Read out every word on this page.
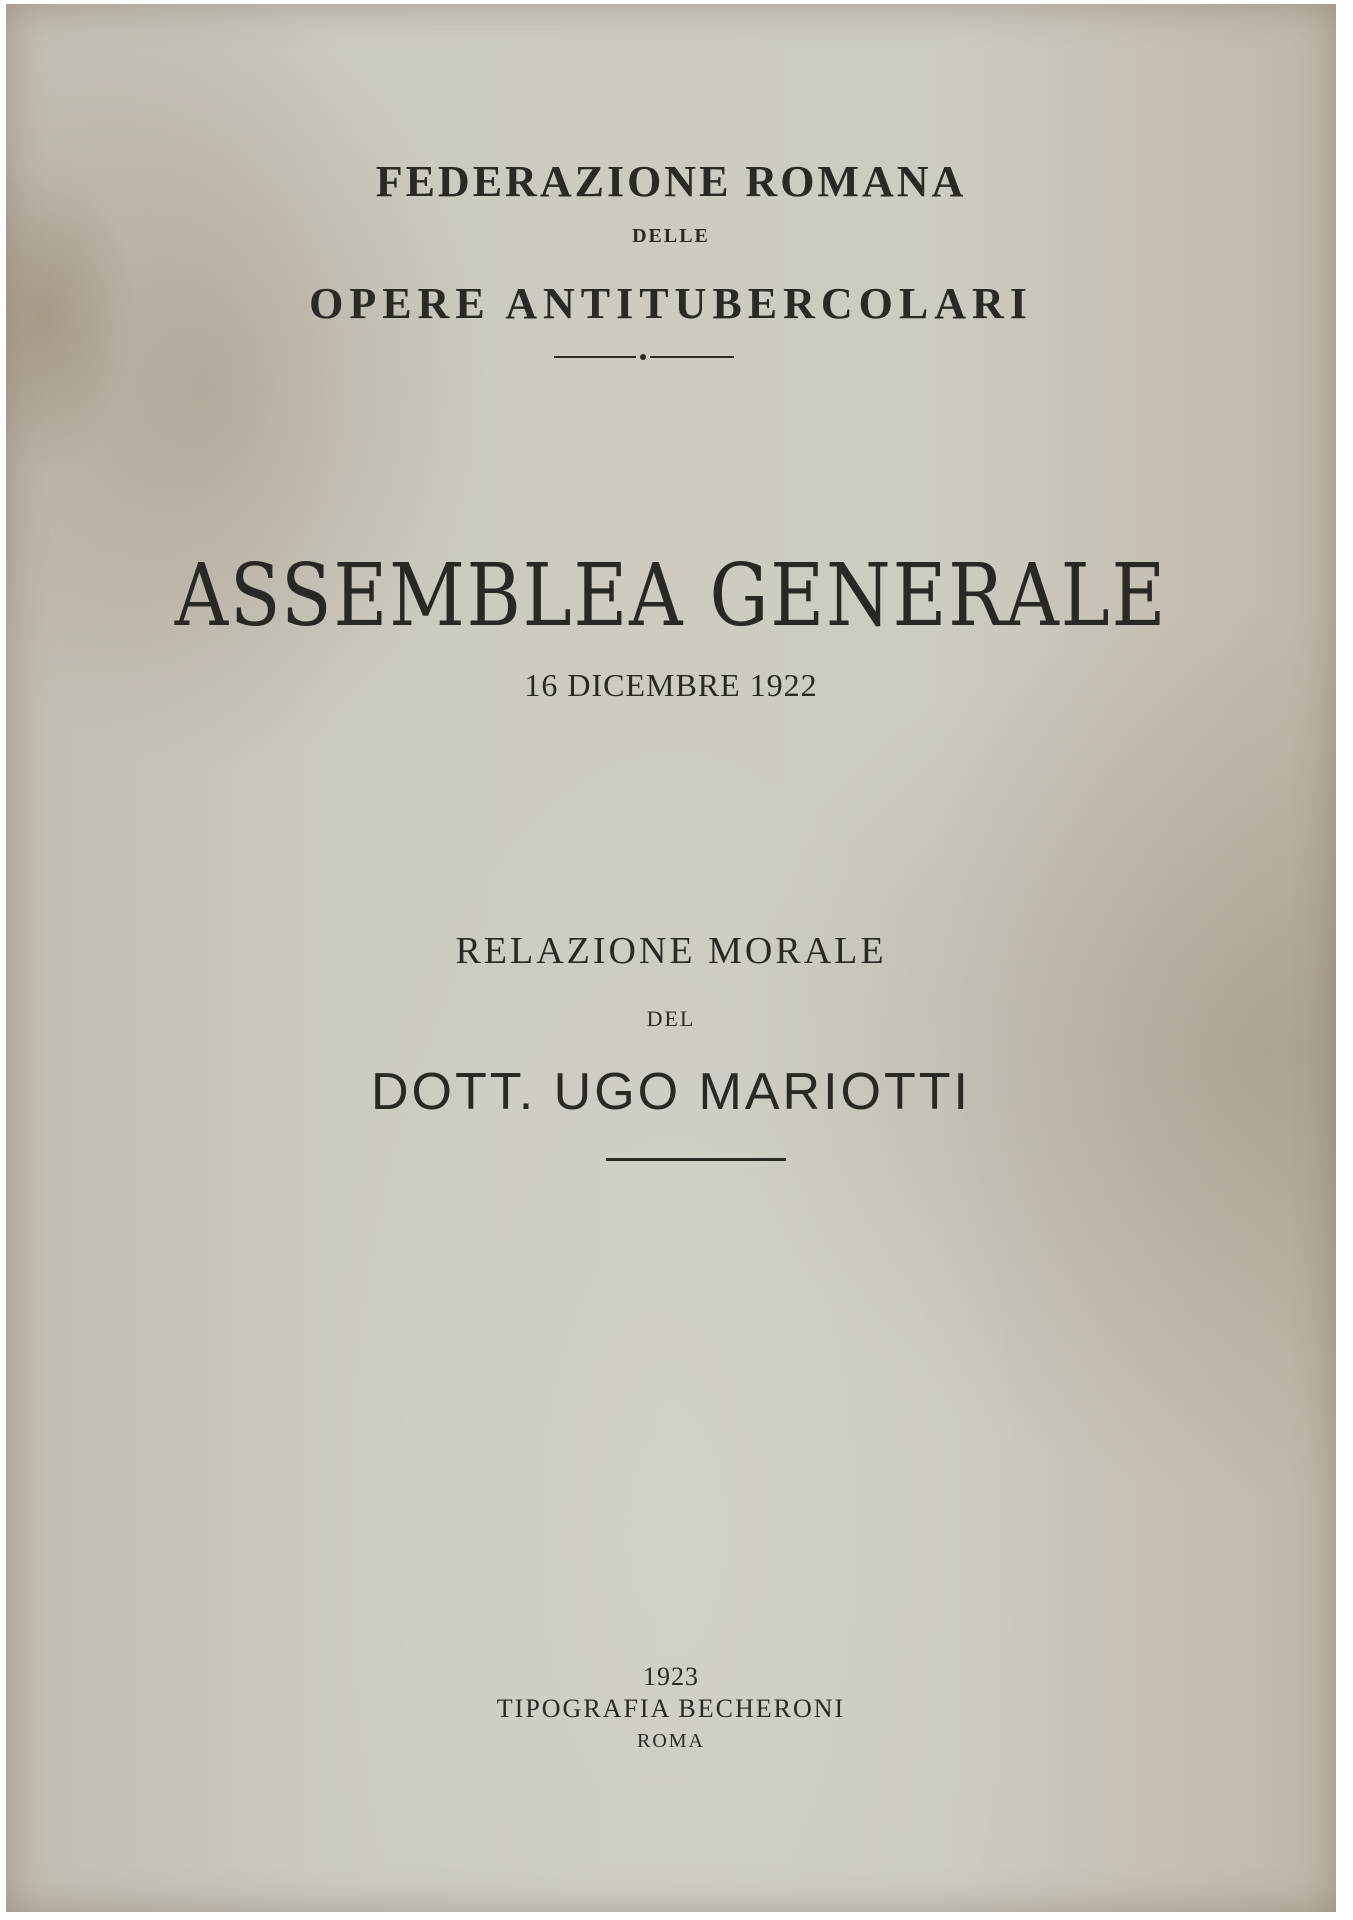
FEDERAZIONE ROMANA
DELLE
OPERE ANTITUBERCOLARI
ASSEMBLEA GENERALE
16 DICEMBRE 1922
RELAZIONE MORALE
DEL
DOTT. UGO MARIOTTI
1923
TIPOGRAFIA BECHERONI
ROMA
